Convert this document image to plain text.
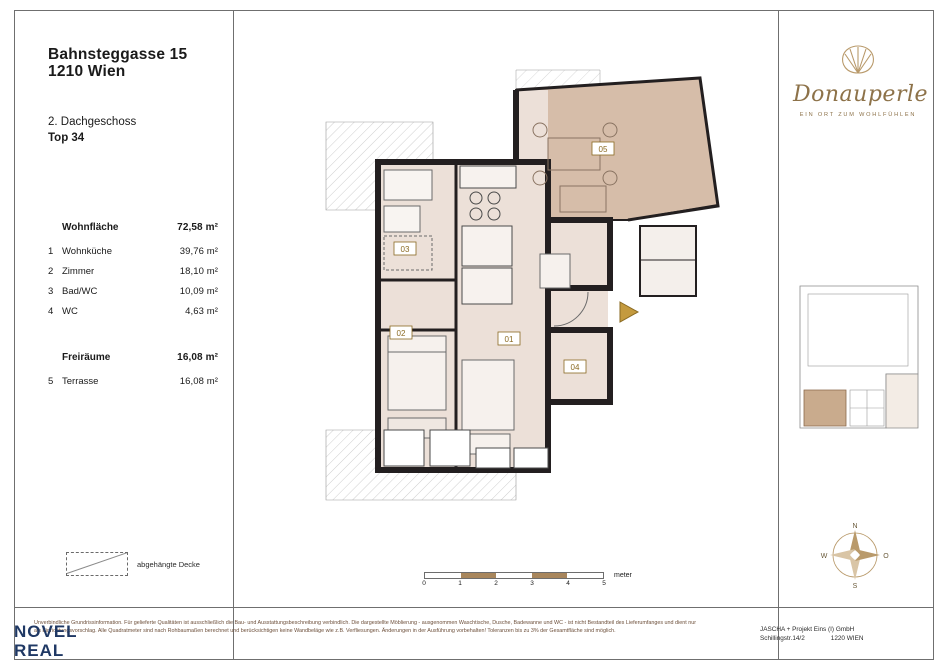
Bahnsteggasse 15
1210 Wien
2. Dachgeschoss
Top 34
Wohnfläche	72,58 m²
1 Wohnküche	39,76 m²
2 Zimmer	18,10 m²
3 Bad/WC	10,09 m²
4 WC	4,63 m²
Freiräume	16,08 m²
5 Terrasse	16,08 m²
abgehängte Decke
01
02
03
04
05
0	1	2	3	4	5
meter
Donauperle
EIN ORT ZUM WOHLFÜHLEN
N
O
S
W
Unverbindliche Grundrissinformation. Für gelieferte Qualitäten ist ausschließlich die Bau- und Ausstattungsbeschreibung verbindlich. Die dargestellte Möblierung - ausgenommen Waschtische, Dusche, Badewanne und WC - ist nicht Bestandteil des Lieferumfanges und dient nur als Einrichtungsvorschlag. Alle Quadratmeter sind nach Rohbaumaßen berechnet und berücksichtigen keine Wandbeläge wie z.B. Verfliesungen. Änderungen in der Ausführung vorbehalten! Toleranzen bis zu 3% der Gesamtfläche sind möglich.	JASCHA + Projekt Eins (I) GmbH
Schillingstr.14/2	1220 WIEN
NOVEL
REAL
